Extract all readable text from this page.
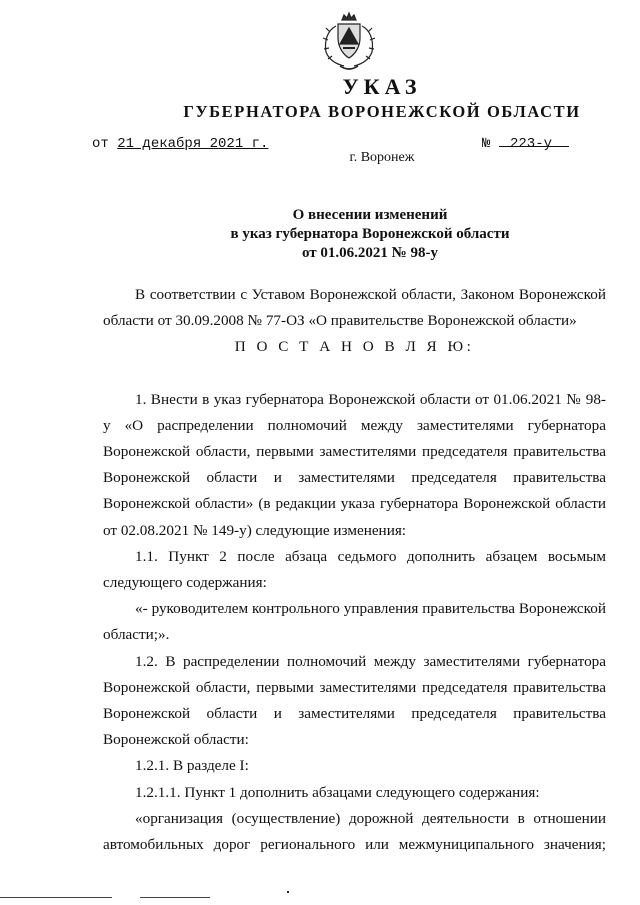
УКАЗ
ГУБЕРНАТОРА ВОРОНЕЖСКОЙ ОБЛАСТИ
от 21 декабря 2021 г.	№ 223-у
г. Воронеж
О внесении изменений
в указ губернатора Воронежской области
от 01.06.2021 № 98-у

В соответствии с Уставом Воронежской области, Законом Воронежской области от 30.09.2008 № 77-ОЗ «О правительстве Воронежской области»

П О С Т А Н О В Л Я Ю:

1. Внести в указ губернатора Воронежской области от 01.06.2021 № 98-у «О распределении полномочий между заместителями губернатора Воронежской области, первыми заместителями председателя правительства Воронежской области и заместителями председателя правительства Воронежской области» (в редакции указа губернатора Воронежской области от 02.08.2021 № 149-у) следующие изменения:

1.1. Пункт 2 после абзаца седьмого дополнить абзацем восьмым следующего содержания:

«- руководителем контрольного управления правительства Воронежской области;».

1.2. В распределении полномочий между заместителями губернатора Воронежской области, первыми заместителями председателя правительства Воронежской области и заместителями председателя правительства Воронежской области:

1.2.1. В разделе I:

1.2.1.1. Пункт 1 дополнить абзацами следующего содержания:

«организация (осуществление) дорожной деятельности в отношении автомобильных дорог регионального или межмуниципального значения;
